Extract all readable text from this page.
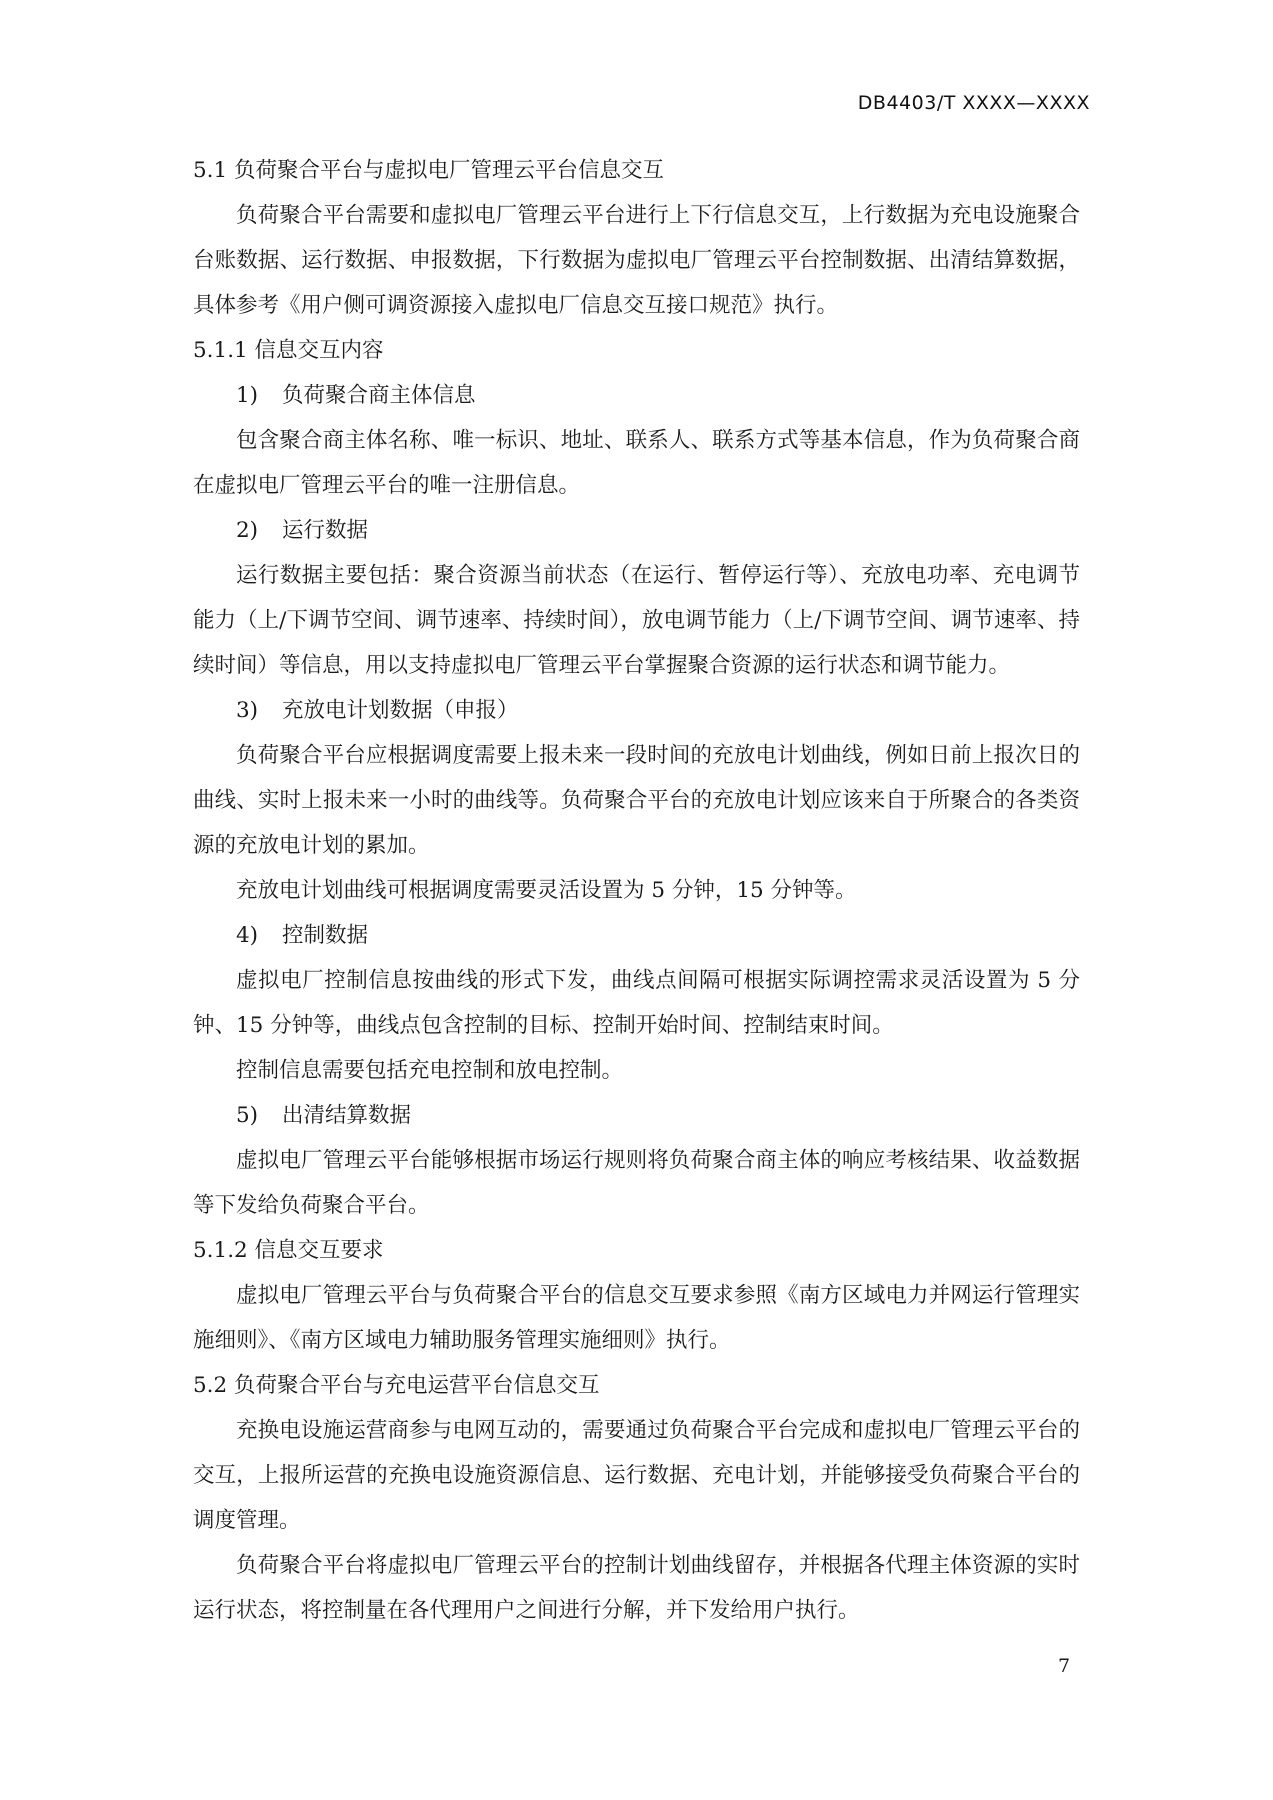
DB4403/T XXXX—XXXX

5.1 负荷聚合平台与虚拟电厂管理云平台信息交互

负荷聚合平台需要和虚拟电厂管理云平台进行上下行信息交互，上行数据为充电设施聚合台账数据、运行数据、申报数据，下行数据为虚拟电厂管理云平台控制数据、出清结算数据，具体参考《用户侧可调资源接入虚拟电厂信息交互接口规范》执行。

5.1.1 信息交互内容

1) 负荷聚合商主体信息

包含聚合商主体名称、唯一标识、地址、联系人、联系方式等基本信息，作为负荷聚合商在虚拟电厂管理云平台的唯一注册信息。

2) 运行数据

运行数据主要包括：聚合资源当前状态（在运行、暂停运行等）、充放电功率、充电调节能力（上/下调节空间、调节速率、持续时间），放电调节能力（上/下调节空间、调节速率、持续时间）等信息，用以支持虚拟电厂管理云平台掌握聚合资源的运行状态和调节能力。

3) 充放电计划数据（申报）

负荷聚合平台应根据调度需要上报未来一段时间的充放电计划曲线，例如日前上报次日的曲线、实时上报未来一小时的曲线等。负荷聚合平台的充放电计划应该来自于所聚合的各类资源的充放电计划的累加。

充放电计划曲线可根据调度需要灵活设置为 5 分钟，15 分钟等。

4) 控制数据

虚拟电厂控制信息按曲线的形式下发，曲线点间隔可根据实际调控需求灵活设置为 5 分钟、15 分钟等，曲线点包含控制的目标、控制开始时间、控制结束时间。

控制信息需要包括充电控制和放电控制。

5) 出清结算数据

虚拟电厂管理云平台能够根据市场运行规则将负荷聚合商主体的响应考核结果、收益数据等下发给负荷聚合平台。

5.1.2 信息交互要求

虚拟电厂管理云平台与负荷聚合平台的信息交互要求参照《南方区域电力并网运行管理实施细则》、《南方区域电力辅助服务管理实施细则》执行。

5.2 负荷聚合平台与充电运营平台信息交互

充换电设施运营商参与电网互动的，需要通过负荷聚合平台完成和虚拟电厂管理云平台的交互，上报所运营的充换电设施资源信息、运行数据、充电计划，并能够接受负荷聚合平台的调度管理。

负荷聚合平台将虚拟电厂管理云平台的控制计划曲线留存，并根据各代理主体资源的实时运行状态，将控制量在各代理用户之间进行分解，并下发给用户执行。

7
